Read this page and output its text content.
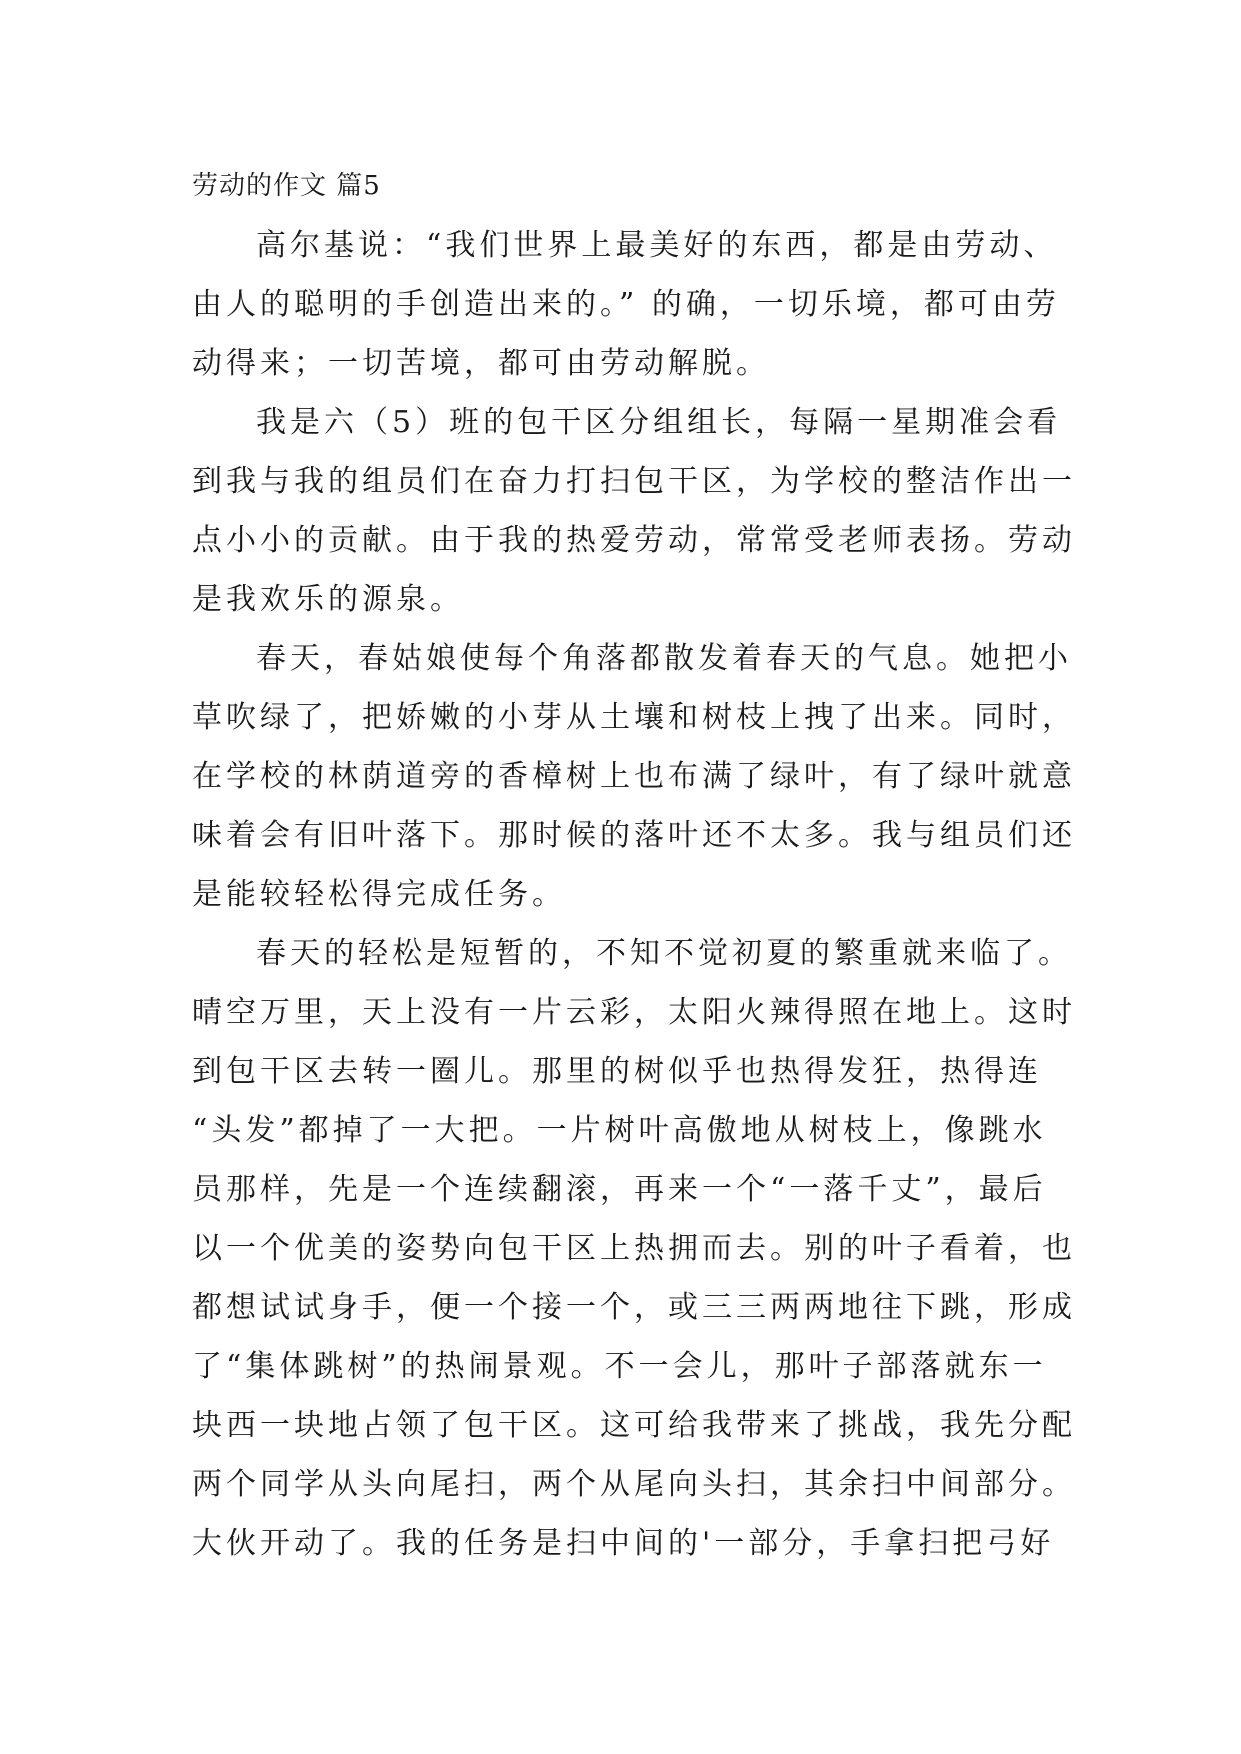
劳动的作文 篇5
高尔基说：“我们世界上最美好的东西，都是由劳动、
由人的聪明的手创造出来的。” 的确，一切乐境，都可由劳
动得来；一切苦境，都可由劳动解脱。
我是六（5）班的包干区分组组长，每隔一星期准会看
到我与我的组员们在奋力打扫包干区，为学校的整洁作出一
点小小的贡献。由于我的热爱劳动，常常受老师表扬。劳动
是我欢乐的源泉。
春天，春姑娘使每个角落都散发着春天的气息。她把小
草吹绿了，把娇嫩的小芽从土壤和树枝上拽了出来。同时，
在学校的林荫道旁的香樟树上也布满了绿叶，有了绿叶就意
味着会有旧叶落下。那时候的落叶还不太多。我与组员们还
是能较轻松得完成任务。
春天的轻松是短暂的，不知不觉初夏的繁重就来临了。
晴空万里，天上没有一片云彩，太阳火辣得照在地上。这时
到包干区去转一圈儿。那里的树似乎也热得发狂，热得连
“头发”都掉了一大把。一片树叶高傲地从树枝上，像跳水
员那样，先是一个连续翻滚，再来一个“一落千丈”，最后
以一个优美的姿势向包干区上热拥而去。别的叶子看着，也
都想试试身手，便一个接一个，或三三两两地往下跳，形成
了“集体跳树”的热闹景观。不一会儿，那叶子部落就东一
块西一块地占领了包干区。这可给我带来了挑战，我先分配
两个同学从头向尾扫，两个从尾向头扫，其余扫中间部分。
大伙开动了。我的任务是扫中间的'一部分，手拿扫把弓好
